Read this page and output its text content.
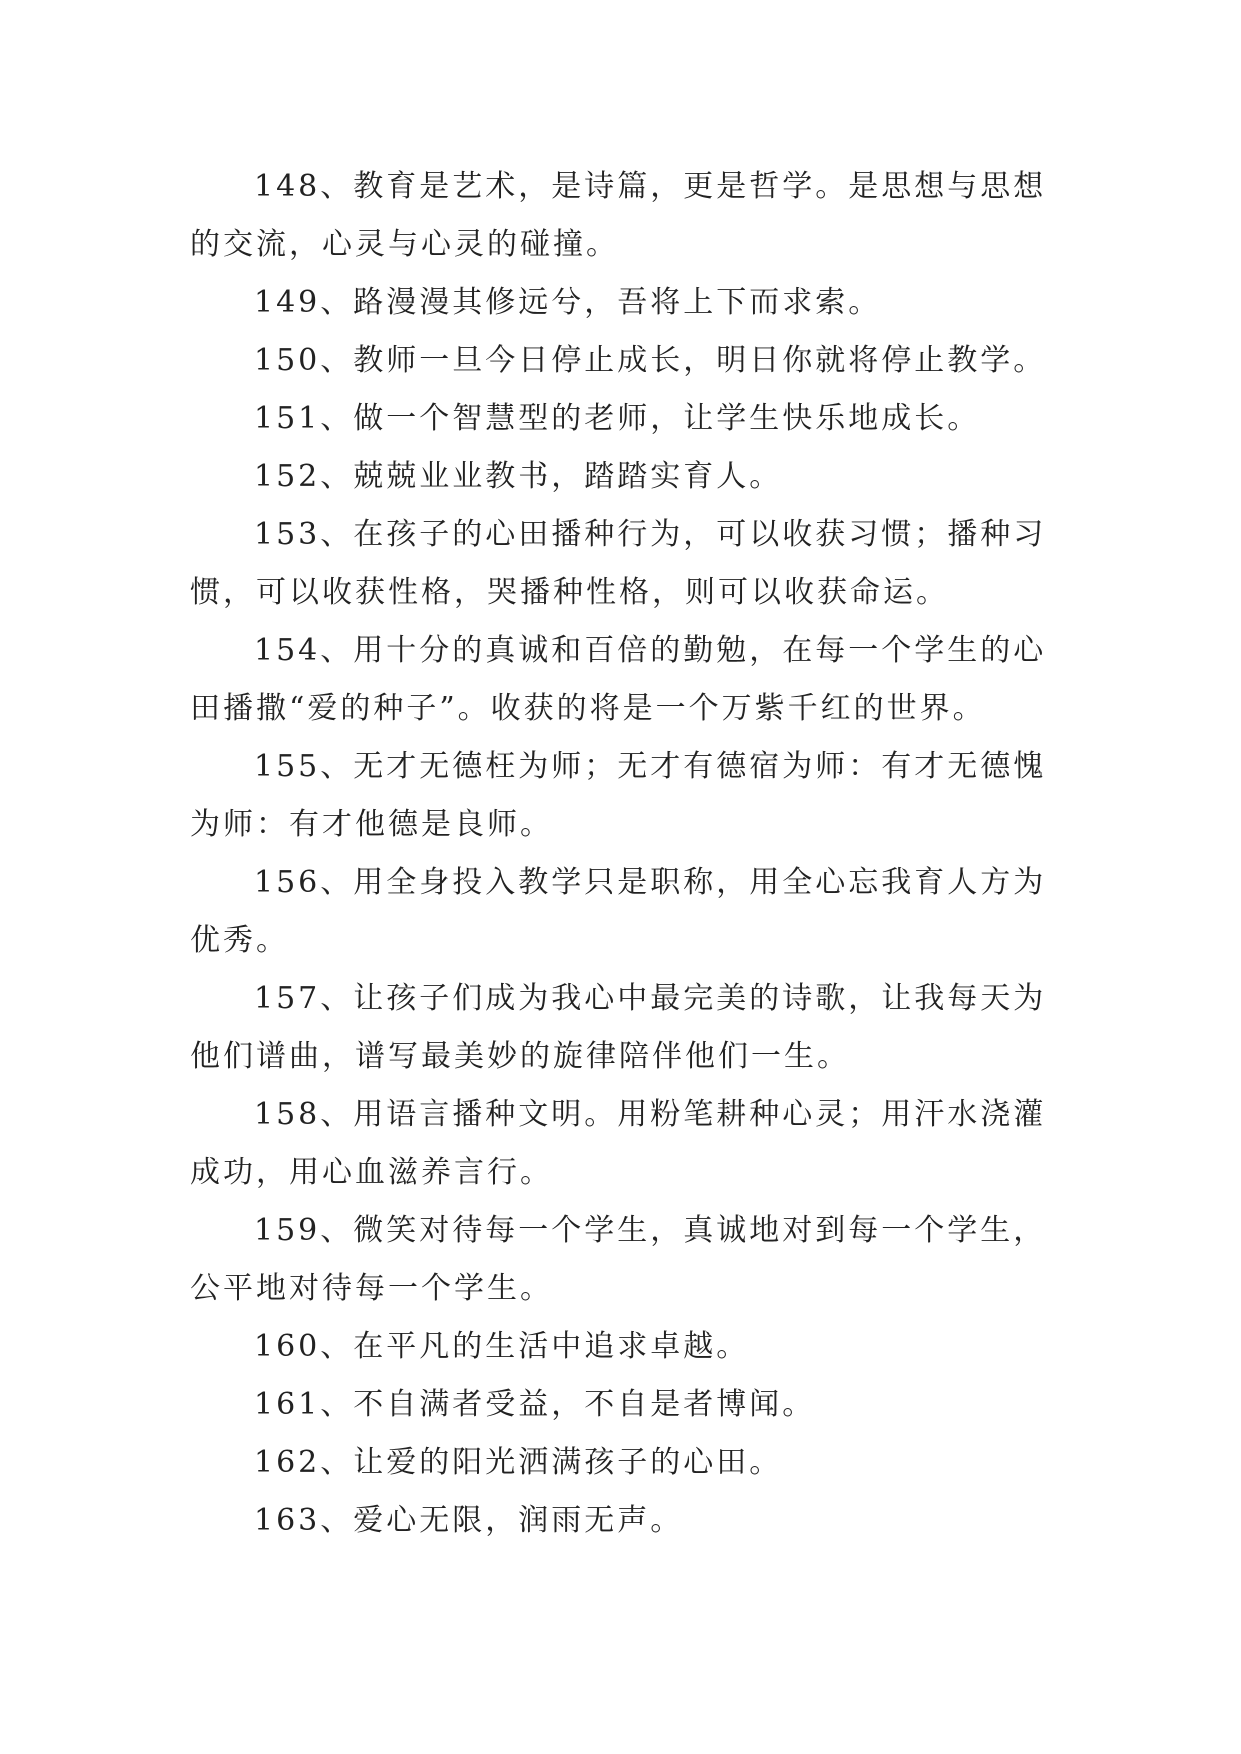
148、教育是艺术，是诗篇，更是哲学。是思想与思想的交流，心灵与心灵的碰撞。

149、路漫漫其修远兮，吾将上下而求索。

150、教师一旦今日停止成长，明日你就将停止教学。

151、做一个智慧型的老师，让学生快乐地成长。

152、兢兢业业教书，踏踏实育人。

153、在孩子的心田播种行为，可以收获习惯；播种习惯，可以收获性格，哭播种性格，则可以收获命运。

154、用十分的真诚和百倍的勤勉，在每一个学生的心田播撒“爱的种子”。收获的将是一个万紫千红的世界。

155、无才无德枉为师；无才有德宿为师：有才无德愧为师：有才他德是良师。

156、用全身投入教学只是职称，用全心忘我育人方为优秀。

157、让孩子们成为我心中最完美的诗歌，让我每天为他们谱曲，谱写最美妙的旋律陪伴他们一生。

158、用语言播种文明。用粉笔耕种心灵；用汗水浇灌成功，用心血滋养言行。

159、微笑对待每一个学生，真诚地对到每一个学生，公平地对待每一个学生。

160、在平凡的生活中追求卓越。

161、不自满者受益，不自是者博闻。

162、让爱的阳光洒满孩子的心田。

163、爱心无限，润雨无声。
